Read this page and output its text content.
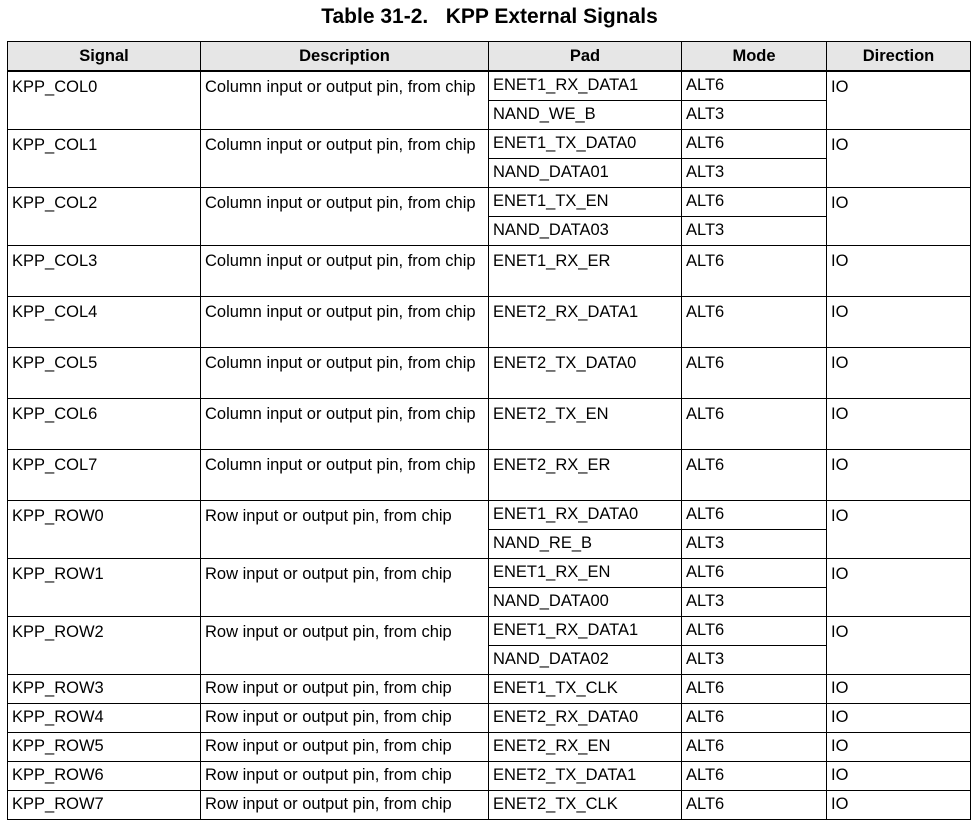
Table 31-2.   KPP External Signals
Signal	Description	Pad	Mode	Direction
KPP_COL0	Column input or output pin, from chip	ENET1_RX_DATA1	ALT6	IO
		NAND_WE_B	ALT3	
KPP_COL1	Column input or output pin, from chip	ENET1_TX_DATA0	ALT6	IO
		NAND_DATA01	ALT3	
KPP_COL2	Column input or output pin, from chip	ENET1_TX_EN	ALT6	IO
		NAND_DATA03	ALT3	
KPP_COL3	Column input or output pin, from chip	ENET1_RX_ER	ALT6	IO
KPP_COL4	Column input or output pin, from chip	ENET2_RX_DATA1	ALT6	IO
KPP_COL5	Column input or output pin, from chip	ENET2_TX_DATA0	ALT6	IO
KPP_COL6	Column input or output pin, from chip	ENET2_TX_EN	ALT6	IO
KPP_COL7	Column input or output pin, from chip	ENET2_RX_ER	ALT6	IO
KPP_ROW0	Row input or output pin, from chip	ENET1_RX_DATA0	ALT6	IO
		NAND_RE_B	ALT3	
KPP_ROW1	Row input or output pin, from chip	ENET1_RX_EN	ALT6	IO
		NAND_DATA00	ALT3	
KPP_ROW2	Row input or output pin, from chip	ENET1_RX_DATA1	ALT6	IO
		NAND_DATA02	ALT3	
KPP_ROW3	Row input or output pin, from chip	ENET1_TX_CLK	ALT6	IO
KPP_ROW4	Row input or output pin, from chip	ENET2_RX_DATA0	ALT6	IO
KPP_ROW5	Row input or output pin, from chip	ENET2_RX_EN	ALT6	IO
KPP_ROW6	Row input or output pin, from chip	ENET2_TX_DATA1	ALT6	IO
KPP_ROW7	Row input or output pin, from chip	ENET2_TX_CLK	ALT6	IO
